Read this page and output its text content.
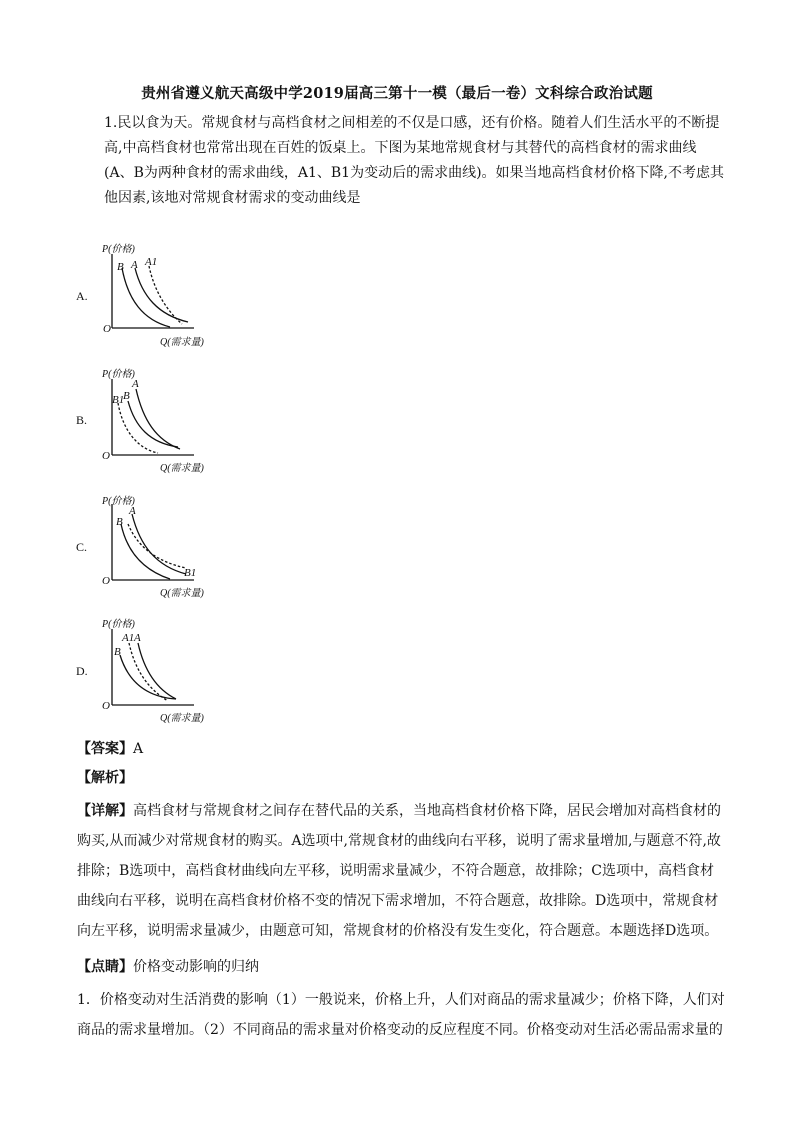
贵州省遵义航天高级中学2019届高三第十一模（最后一卷）文科综合政治试题
1.民以食为天。常规食材与高档食材之间相差的不仅是口感，还有价格。随着人们生活水平的不断提高,中高档食材也常常出现在百姓的饭桌上。下图为某地常规食材与其替代的高档食材的需求曲线(A、B为两种食材的需求曲线，A1、B1为变动后的需求曲线)。如果当地高档食材价格下降,不考虑其他因素,该地对常规食材需求的变动曲线是
A.
P(价格)
Q(需求量)
O
B A A1
B.
P(价格)
Q(需求量)
O
B1
B
A
C.
P(价格)
Q(需求量)
O
B
A
B1
D.
P(价格)
Q(需求量)
O
B
A1 A
【答案】A
【解析】
【详解】高档食材与常规食材之间存在替代品的关系，当地高档食材价格下降，居民会增加对高档食材的购买,从而减少对常规食材的购买。A选项中,常规食材的曲线向右平移，说明了需求量增加,与题意不符,故排除；B选项中，高档食材曲线向左平移，说明需求量减少，不符合题意，故排除；C选项中，高档食材曲线向右平移，说明在高档食材价格不变的情况下需求增加，不符合题意，故排除。D选项中，常规食材向左平移，说明需求量减少，由题意可知，常规食材的价格没有发生变化，符合题意。本题选择D选项。
【点睛】价格变动影响的归纳
1．价格变动对生活消费的影响（1）一般说来，价格上升，人们对商品的需求量减少；价格下降，人们对商品的需求量增加。（2）不同商品的需求量对价格变动的反应程度不同。价格变动对生活必需品需求量的
